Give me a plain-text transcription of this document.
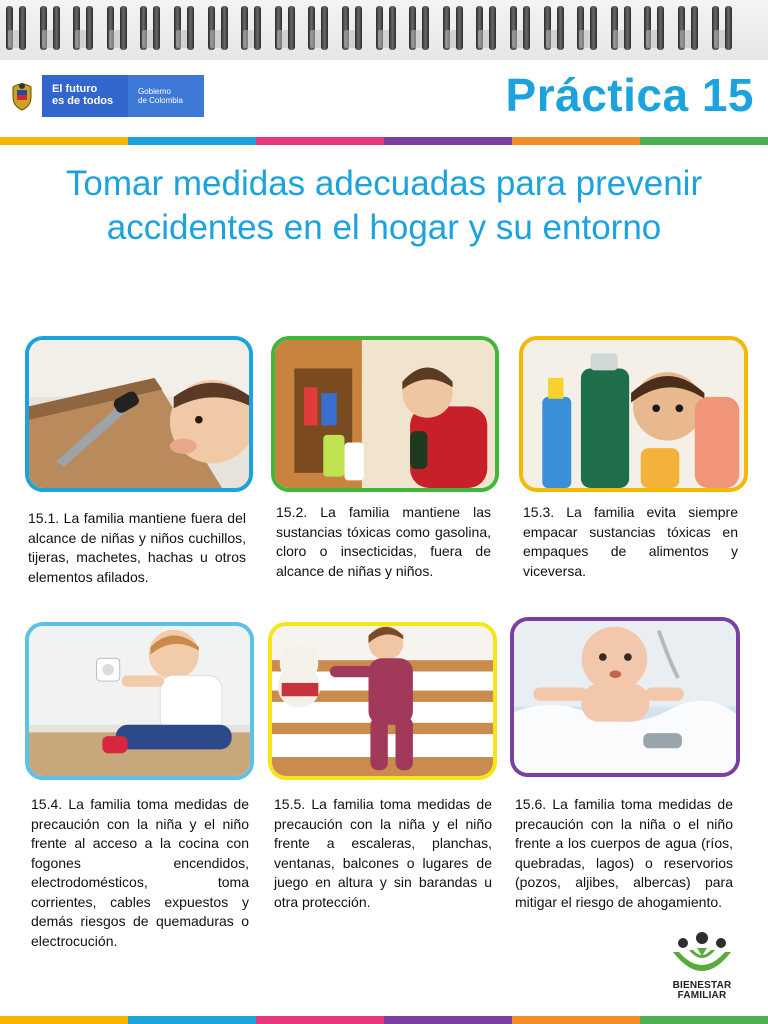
El futuro
es de todos
Gobierno
de Colombia	Práctica 15
Tomar medidas adecuadas para prevenir accidentes en el hogar y su entorno

15.1. La familia mantiene fuera del alcance de niñas y niños cuchillos, tijeras, machetes, hachas u otros elementos afilados.

15.2. La familia mantiene las sustancias tóxicas como gasolina, cloro o insecticidas, fuera de alcance de niñas y niños.

15.3. La familia evita siempre empacar sustancias tóxicas en empaques de alimentos y viceversa.

15.4. La familia toma medidas de precaución con la niña y el niño frente al acceso a la cocina con fogones encendidos, electrodomésticos, toma corrientes, cables expuestos y demás riesgos de quemaduras o electrocución.

15.5. La familia toma medidas de precaución con la niña y el niño frente a escaleras, planchas, ventanas, balcones o lugares de juego en altura y sin barandas u otra protección.

15.6. La familia toma medidas de precaución con la niña o el niño frente a los cuerpos de agua (ríos, quebradas, lagos) o reservorios (pozos, aljibes, albercas) para mitigar el riesgo de ahogamiento.

BIENESTAR
FAMILIAR
